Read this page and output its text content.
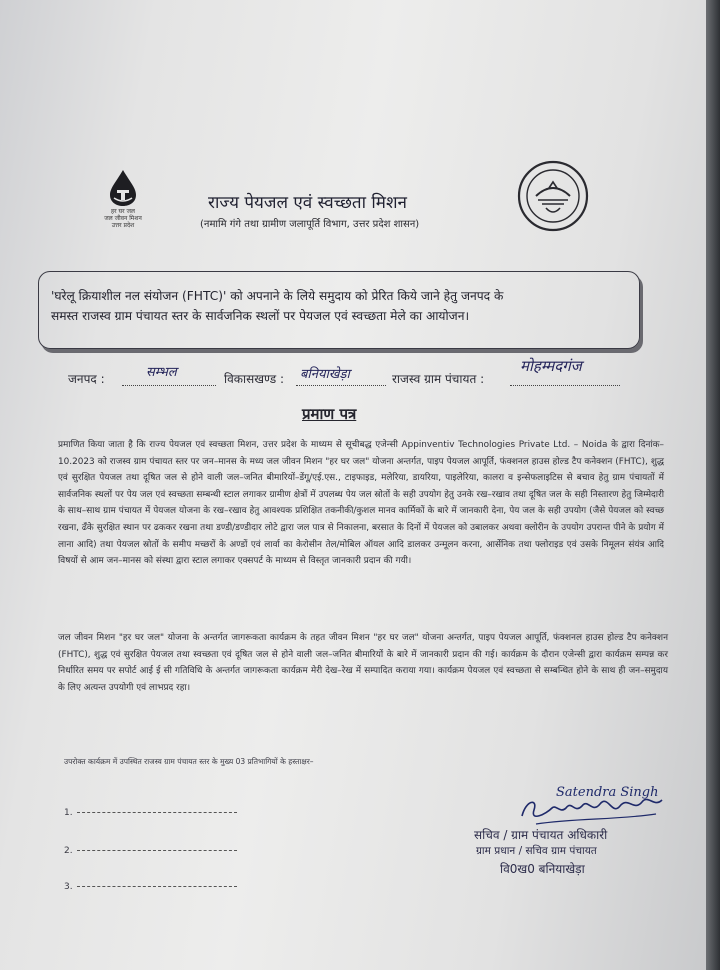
हर घर जल
जल जीवन मिशन
उत्तर प्रदेश
राज्य पेयजल एवं स्वच्छता मिशन
(नमामि गंगे तथा ग्रामीण जलापूर्ति विभाग, उत्तर प्रदेश शासन)

'घरेलू क्रियाशील नल संयोजन (FHTC)' को अपनाने के लिये समुदाय को प्रेरित किये जाने हेतु जनपद के
समस्त राजस्व ग्राम पंचायत स्तर के सार्वजनिक स्थलों पर पेयजल एवं स्वच्छता मेले का आयोजन।

जनपद :	सम्भल	विकासखण्ड : बनियाखेड़ा	राजस्व ग्राम पंचायत :
मोहम्मदगंज
प्रमाण पत्र
प्रमाणित किया जाता है कि राज्य पेयजल एवं स्वच्छता मिशन, उत्तर प्रदेश के माध्यम से सूचीबद्ध एजेन्सी Appinventiv Technologies Private Ltd. – Noida के द्वारा दिनांक– 10.2023 को राजस्व ग्राम पंचायत स्तर पर जन–मानस के मध्य जल जीवन मिशन "हर घर जल" योजना अन्तर्गत, पाइप पेयजल आपूर्ति, फंक्शनल हाउस होल्ड टैप कनेक्शन (FHTC), शुद्ध एवं सुरक्षित पेयजल तथा दूषित जल से होने वाली जल–जनित बीमारियों–डेंगू/एई.एस., टाइफाइड, मलेरिया, डायरिया, पाइलेरिया, कालरा व इन्सेफलाइटिस से बचाव हेतु ग्राम पंचायतों में सार्वजनिक स्थलों पर पेय जल एवं स्वच्छता सम्बन्धी स्टाल लगाकर ग्रामीण क्षेत्रों में उपलब्ध पेय जल स्रोतों के सही उपयोग हेतु उनके रख–रखाव तथा दूषित जल के सही निस्तारण हेतु जिम्मेदारी के साथ–साथ ग्राम पंचायत में पेयजल योजना के रख–रखाव हेतु आवश्यक प्रशिक्षित तकनीकी/कुशल मानव कार्मिकों के बारे में जानकारी देना, पेय जल के सही उपयोग (जैसे पेयजल को स्वच्छ रखना, ढँके सुरक्षित स्थान पर ढककर रखना तथा डण्डी/डण्डीदार लोटे द्वारा जल पात्र से निकालना, बरसात के दिनों में पेयजल को उबालकर अथवा क्लोरीन के उपयोग उपरान्त पीने के प्रयोग में लाना आदि) तथा पेयजल स्रोतों के समीप मच्छरों के अण्डों एवं लार्वा का केरोसीन तेल/मोबिल ऑयल आदि डालकर उन्मूलन करना, आर्सेनिक तथा फ्लोराइड एवं उसके निमूलन संयंत्र आदि विषयों से आम जन–मानस को संस्था द्वारा स्टाल लगाकर एक्सपर्ट के माध्यम से विस्तृत जानकारी प्रदान की गयी।
जल जीवन मिशन "हर घर जल" योजना के अन्तर्गत जागरूकता कार्यक्रम के तहत जीवन मिशन "हर घर जल" योजना अन्तर्गत, पाइप पेयजल आपूर्ति, फंक्शनल हाउस होल्ड टैप कनेक्शन (FHTC), शुद्ध एवं सुरक्षित पेयजल तथा स्वच्छता एवं दूषित जल से होने वाली जल–जनित बीमारियों के बारे में जानकारी प्रदान की गई। कार्यक्रम के दौरान एजेन्सी द्वारा कार्यक्रम सम्पन्न कर निर्धारित समय पर सपोर्ट आई ई सी गतिविधि के अन्तर्गत जागरूकता कार्यक्रम मेरी देख–रेख में सम्पादित कराया गया। कार्यक्रम पेयजल एवं स्वच्छता से सम्बन्धित होने के साथ ही जन–समुदाय के लिए अत्यन्त उपयोगी एवं लाभप्रद रहा।
उपरोक्त कार्यक्रम में उपस्थित राजस्व ग्राम पंचायत स्तर के मुख्य 03 प्रतिभागियों के हस्ताक्षर–
1.
2.
3.
Satendra Singh
सचिव / ग्राम पंचायत अधिकारी
ग्राम प्रधान / सचिव ग्राम पंचायत
वि0ख0 बनियाखेड़ा
